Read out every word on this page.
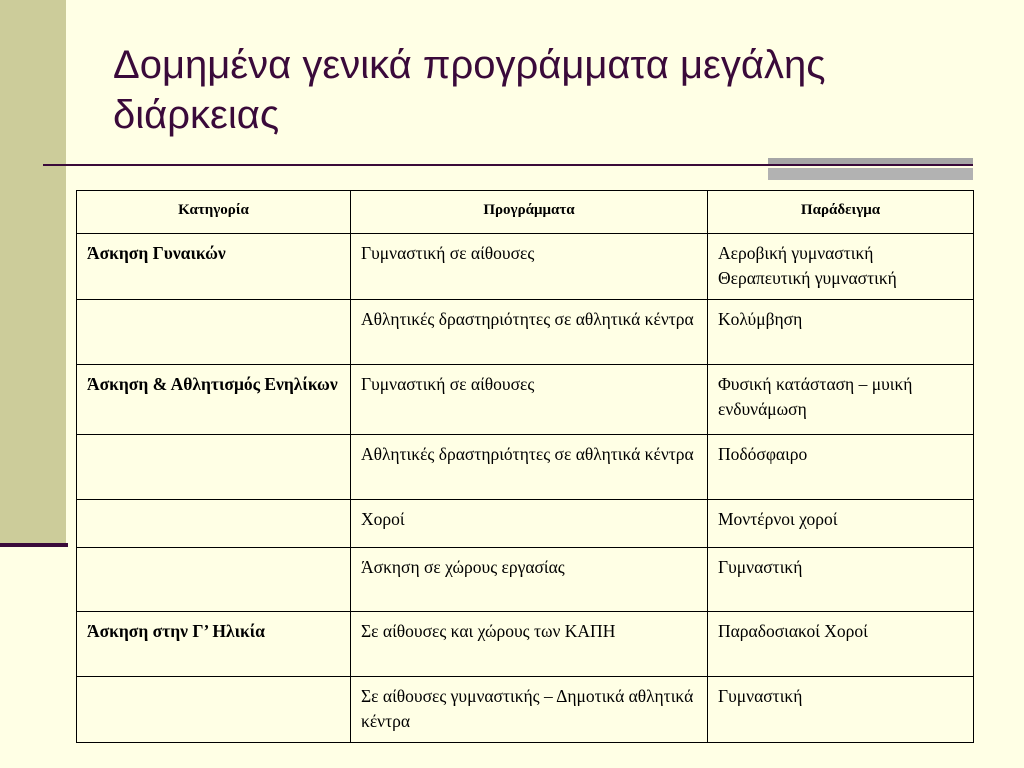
Δομημένα γενικά προγράμματα μεγάλης διάρκειας
Κατηγορία	Προγράμματα	Παράδειγμα
Άσκηση Γυναικών	Γυμναστική σε αίθουσες	Αεροβική γυμναστική
Θεραπευτική γυμναστική

	Αθλητικές δραστηριότητες σε αθλητικά κέντρα	Κολύμβηση

Άσκηση & Αθλητισμός Ενηλίκων	Γυμναστική σε αίθουσες	Φυσική κατάσταση – μυική ενδυνάμωση

	Αθλητικές δραστηριότητες σε αθλητικά κέντρα	Ποδόσφαιρο

	Χοροί	Μοντέρνοι χοροί

	Άσκηση σε χώρους εργασίας	Γυμναστική

Άσκηση στην Γ’ Ηλικία	Σε αίθουσες και χώρους των ΚΑΠΗ	Παραδοσιακοί Χοροί

	Σε αίθουσες γυμναστικής – Δημοτικά αθλητικά κέντρα	Γυμναστική
